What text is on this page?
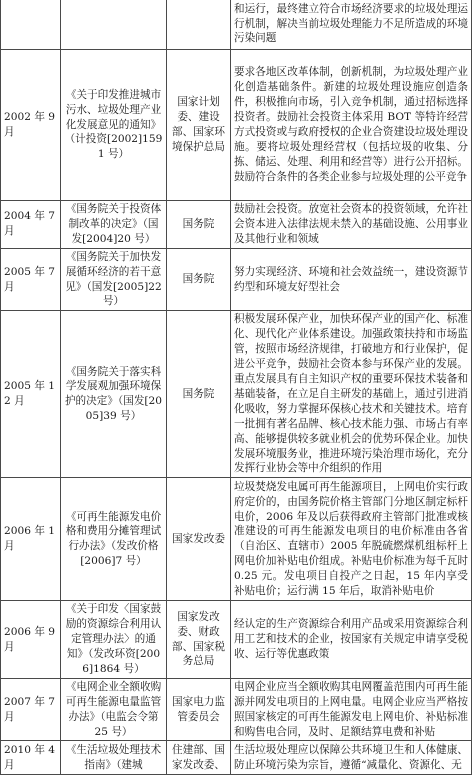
			和运行，最终建立符合市场经济要求的垃圾处理运行机制，解决当前垃圾处理能力不足所造成的环境污染问题
2002 年 9 月	《关于印发推进城市污水、垃圾处理产业化发展意见的通知》（计投资[2002]1591 号）	国家计划委、建设部、国家环境保护总局	要求各地区改革体制，创新机制，为垃圾处理产业化创造基础条件。新建的垃圾处理设施应创造条件，积极推向市场，引入竞争机制，通过招标选择投资者。鼓励社会投资主体采用 BOT 等特许经营方式投资或与政府授权的企业合资建设垃圾处理设施。要将垃圾处理经营权（包括垃圾的收集、分拣、储运、处理、利用和经营等）进行公开招标。鼓励符合条件的各类企业参与垃圾处理的公平竞争
2004 年 7 月	《国务院关于投资体制改革的决定》（国发[2004]20 号）	国务院	鼓励社会投资。放宽社会资本的投资领域，允许社会资本进入法律法规未禁入的基础设施、公用事业及其他行业和领域
2005 年 7 月	《国务院关于加快发展循环经济的若干意见》（国发[2005]22 号）	国务院	努力实现经济、环境和社会效益统一，建设资源节约型和环境友好型社会
2005 年 12 月	《国务院关于落实科学发展观加强环境保护的决定》（国发[2005]39 号）	国务院	积极发展环保产业，加快环保产业的国产化、标准化、现代化产业体系建设。加强政策扶持和市场监管，按照市场经济规律，打破地方和行业保护，促进公平竞争，鼓励社会资本参与环保产业的发展。重点发展具有自主知识产权的重要环保技术装备和基础装备，在立足自主研发的基础上，通过引进消化吸收，努力掌握环保核心技术和关键技术。培育一批拥有著名品牌、核心技术能力强、市场占有率高、能够提供较多就业机会的优势环保企业。加快发展环境服务业，推进环境污染治理市场化，充分发挥行业协会等中介组织的作用
2006 年 1 月	《可再生能源发电价格和费用分摊管理试行办法》（发改价格[2006]7 号）	国家发改委	垃圾焚烧发电属可再生能源项目，上网电价实行政府定价的，由国务院价格主管部门分地区制定标杆电价，2006 年及以后获得政府主管部门批准或核准建设的可再生能源发电项目的电价标准由各省（自治区、直辖市）2005 年脱硫燃煤机组标杆上网电价加补贴电价组成。补贴电价标准为每千瓦时 0.25 元。发电项目自投产之日起，15 年内享受补贴电价；运行满 15 年后，取消补贴电价
2006 年 9 月	《关于印发〈国家鼓励的资源综合利用认定管理办法〉的通知》（发改环资[2006]1864 号）	国家发改委、财政部、国家税务总局	经认定的生产资源综合利用产品或采用资源综合利用工艺和技术的企业，按国家有关规定申请享受税收、运行等优惠政策
2007 年 7 月	《电网企业全额收购可再生能源电量监管办法》（电监会令第 25 号）	国家电力监管委员会	电网企业应当全额收购其电网覆盖范围内可再生能源并网发电项目的上网电量。电网企业应当严格按照国家核定的可再生能源发电上网电价、补贴标准和购售电合同，及时、足额结算电费和补贴
2010 年 4 月	《生活垃圾处理技术指南》（建城	住建部、国家发改委、	生活垃圾处理应以保障公共环境卫生和人体健康、防止环境污染为宗旨，遵循“减量化、资源化、无
